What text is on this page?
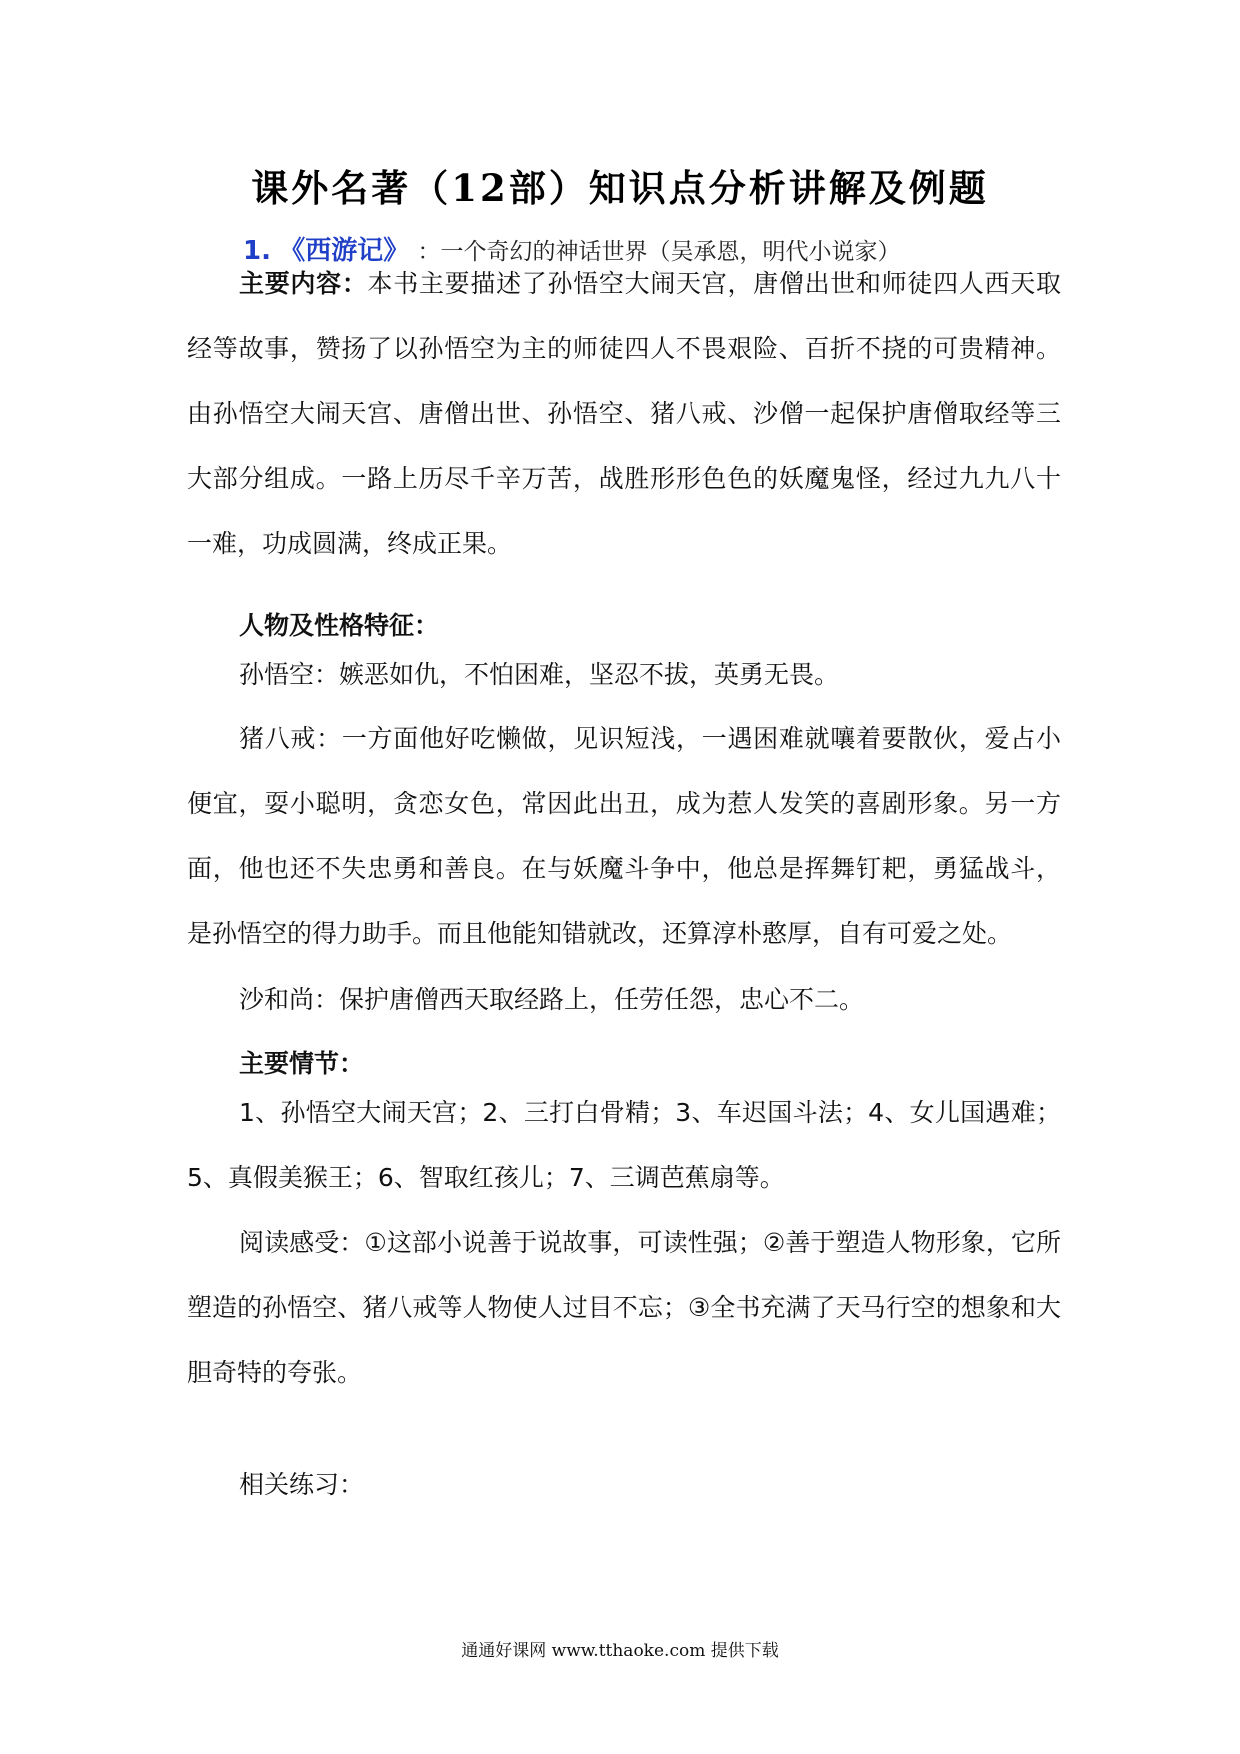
课外名著（12部）知识点分析讲解及例题
1. 《西游记》 ：一个奇幻的神话世界（吴承恩，明代小说家）
主要内容：本书主要描述了孙悟空大闹天宫，唐僧出世和师徒四人西天取经等故事，赞扬了以孙悟空为主的师徒四人不畏艰险、百折不挠的可贵精神。由孙悟空大闹天宫、唐僧出世、孙悟空、猪八戒、沙僧一起保护唐僧取经等三大部分组成。一路上历尽千辛万苦，战胜形形色色的妖魔鬼怪，经过九九八十一难，功成圆满，终成正果。
人物及性格特征：
孙悟空：嫉恶如仇，不怕困难，坚忍不拔，英勇无畏。
猪八戒：一方面他好吃懒做，见识短浅，一遇困难就嚷着要散伙，爱占小便宜，耍小聪明，贪恋女色，常因此出丑，成为惹人发笑的喜剧形象。另一方面，他也还不失忠勇和善良。在与妖魔斗争中，他总是挥舞钉耙，勇猛战斗，是孙悟空的得力助手。而且他能知错就改，还算淳朴憨厚，自有可爱之处。
沙和尚：保护唐僧西天取经路上，任劳任怨，忠心不二。
主要情节：
1、孙悟空大闹天宫；2、三打白骨精；3、车迟国斗法；4、女儿国遇难；5、真假美猴王；6、智取红孩儿；7、三调芭蕉扇等。
阅读感受：①这部小说善于说故事，可读性强；②善于塑造人物形象，它所塑造的孙悟空、猪八戒等人物使人过目不忘；③全书充满了天马行空的想象和大胆奇特的夸张。
相关练习：
通通好课网 www.tthaoke.com 提供下载
